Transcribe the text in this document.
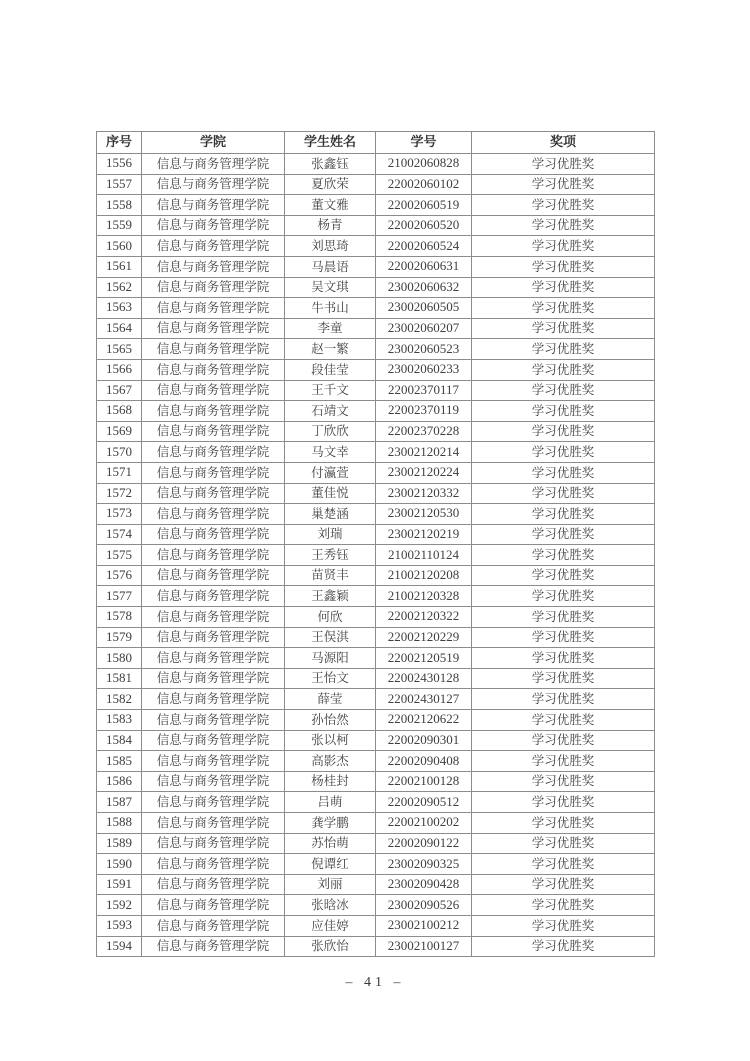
序号	学院	学生姓名	学号	奖项
1556	信息与商务管理学院	张鑫钰	21002060828	学习优胜奖
1557	信息与商务管理学院	夏欣荣	22002060102	学习优胜奖
1558	信息与商务管理学院	董文雅	22002060519	学习优胜奖
1559	信息与商务管理学院	杨青	22002060520	学习优胜奖
1560	信息与商务管理学院	刘思琦	22002060524	学习优胜奖
1561	信息与商务管理学院	马晨语	22002060631	学习优胜奖
1562	信息与商务管理学院	吴文琪	23002060632	学习优胜奖
1563	信息与商务管理学院	牛书山	23002060505	学习优胜奖
1564	信息与商务管理学院	李童	23002060207	学习优胜奖
1565	信息与商务管理学院	赵一繁	23002060523	学习优胜奖
1566	信息与商务管理学院	段佳莹	23002060233	学习优胜奖
1567	信息与商务管理学院	王千文	22002370117	学习优胜奖
1568	信息与商务管理学院	石靖文	22002370119	学习优胜奖
1569	信息与商务管理学院	丁欣欣	22002370228	学习优胜奖
1570	信息与商务管理学院	马文幸	23002120214	学习优胜奖
1571	信息与商务管理学院	付瀛萱	23002120224	学习优胜奖
1572	信息与商务管理学院	董佳悦	23002120332	学习优胜奖
1573	信息与商务管理学院	巢楚涵	23002120530	学习优胜奖
1574	信息与商务管理学院	刘瑞	23002120219	学习优胜奖
1575	信息与商务管理学院	王秀钰	21002110124	学习优胜奖
1576	信息与商务管理学院	苗贤丰	21002120208	学习优胜奖
1577	信息与商务管理学院	王鑫颖	21002120328	学习优胜奖
1578	信息与商务管理学院	何欣	22002120322	学习优胜奖
1579	信息与商务管理学院	王俣淇	22002120229	学习优胜奖
1580	信息与商务管理学院	马源阳	22002120519	学习优胜奖
1581	信息与商务管理学院	王怡文	22002430128	学习优胜奖
1582	信息与商务管理学院	薛莹	22002430127	学习优胜奖
1583	信息与商务管理学院	孙怡然	22002120622	学习优胜奖
1584	信息与商务管理学院	张以柯	22002090301	学习优胜奖
1585	信息与商务管理学院	高影杰	22002090408	学习优胜奖
1586	信息与商务管理学院	杨桂封	22002100128	学习优胜奖
1587	信息与商务管理学院	吕萌	22002090512	学习优胜奖
1588	信息与商务管理学院	龚学鹏	22002100202	学习优胜奖
1589	信息与商务管理学院	苏怡萌	22002090122	学习优胜奖
1590	信息与商务管理学院	倪谭红	23002090325	学习优胜奖
1591	信息与商务管理学院	刘丽	23002090428	学习优胜奖
1592	信息与商务管理学院	张晗冰	23002090526	学习优胜奖
1593	信息与商务管理学院	应佳婷	23002100212	学习优胜奖
1594	信息与商务管理学院	张欣怡	23002100127	学习优胜奖
– 41 –
